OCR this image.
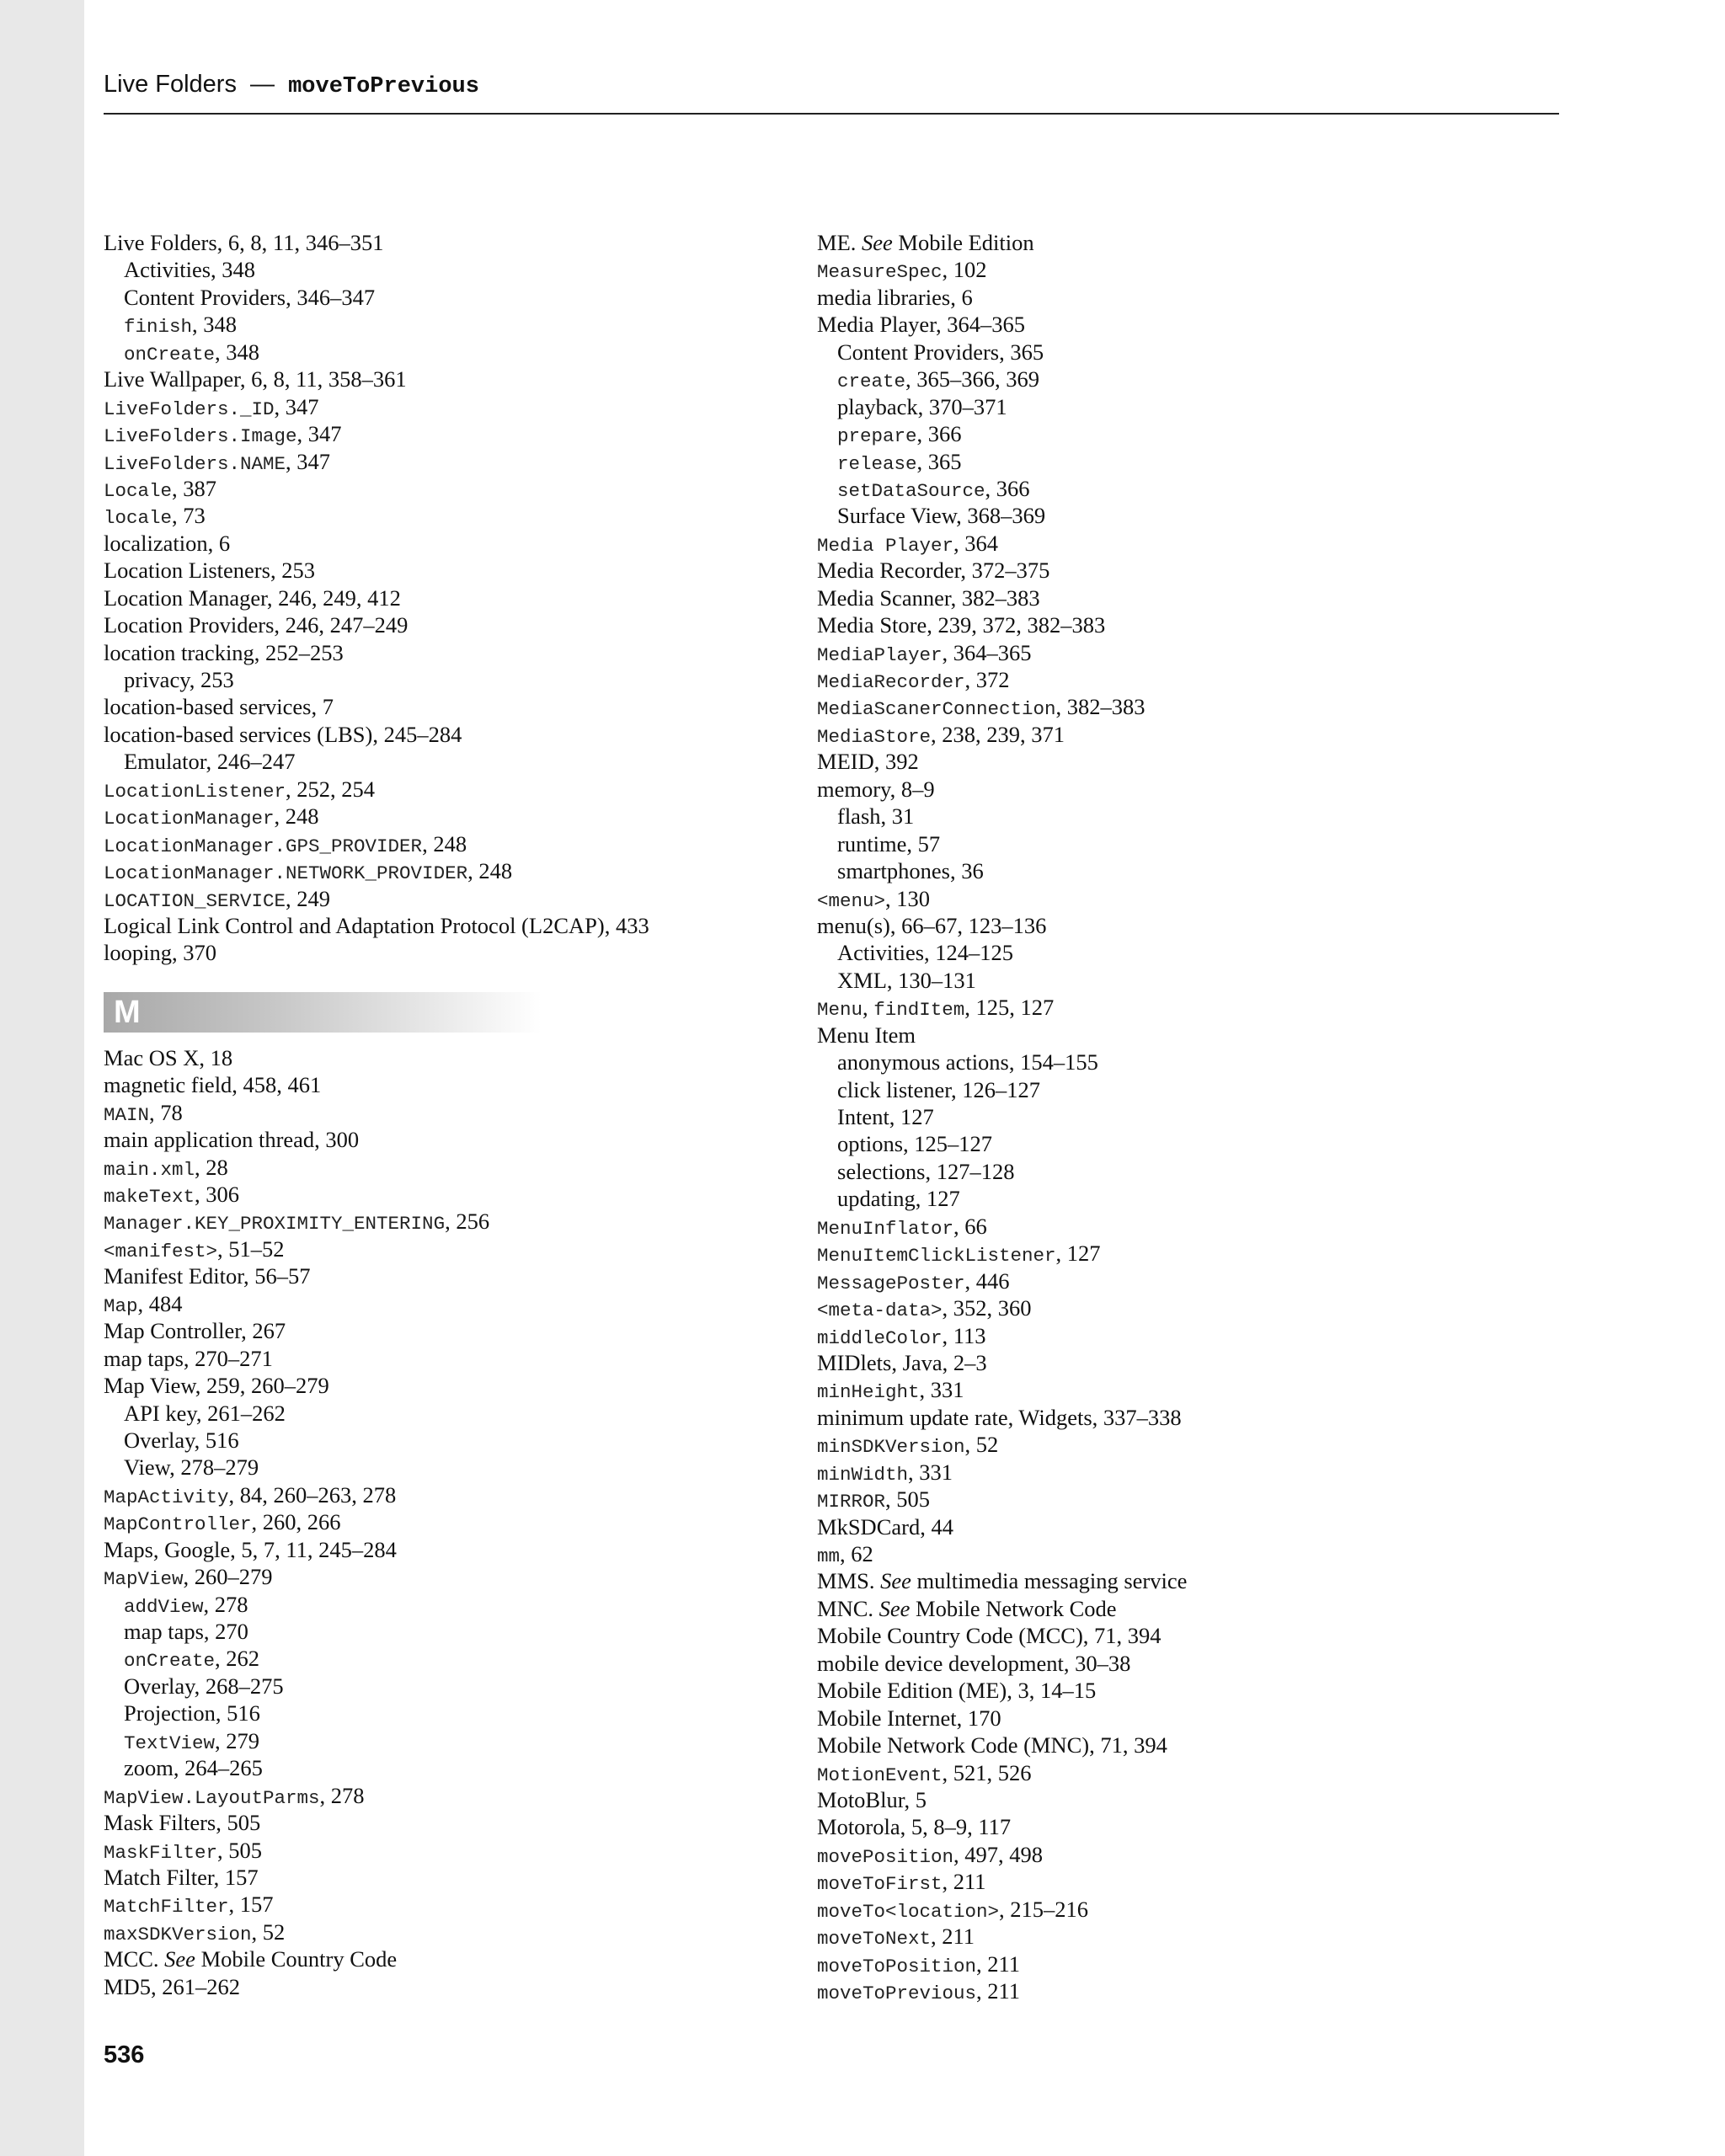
Live Folders — moveToPrevious
Live Folders, 6, 8, 11, 346–351
Activities, 348
Content Providers, 346–347
finish, 348
onCreate, 348
Live Wallpaper, 6, 8, 11, 358–361
LiveFolders._ID, 347
LiveFolders.Image, 347
LiveFolders.NAME, 347
Locale, 387
locale, 73
localization, 6
Location Listeners, 253
Location Manager, 246, 249, 412
Location Providers, 246, 247–249
location tracking, 252–253
privacy, 253
location-based services, 7
location-based services (LBS), 245–284
Emulator, 246–247
LocationListener, 252, 254
LocationManager, 248
LocationManager.GPS_PROVIDER, 248
LocationManager.NETWORK_PROVIDER, 248
LOCATION_SERVICE, 249
Logical Link Control and Adaptation Protocol (L2CAP), 433
looping, 370
M
Mac OS X, 18
magnetic field, 458, 461
MAIN, 78
main application thread, 300
main.xml, 28
makeText, 306
Manager.KEY_PROXIMITY_ENTERING, 256
<manifest>, 51–52
Manifest Editor, 56–57
Map, 484
Map Controller, 267
map taps, 270–271
Map View, 259, 260–279
API key, 261–262
Overlay, 516
View, 278–279
MapActivity, 84, 260–263, 278
MapController, 260, 266
Maps, Google, 5, 7, 11, 245–284
MapView, 260–279
addView, 278
map taps, 270
onCreate, 262
Overlay, 268–275
Projection, 516
TextView, 279
zoom, 264–265
MapView.LayoutParms, 278
Mask Filters, 505
MaskFilter, 505
Match Filter, 157
MatchFilter, 157
maxSDKVersion, 52
MCC. See Mobile Country Code
MD5, 261–262
ME. See Mobile Edition
MeasureSpec, 102
media libraries, 6
Media Player, 364–365
Content Providers, 365
create, 365–366, 369
playback, 370–371
prepare, 366
release, 365
setDataSource, 366
Surface View, 368–369
Media Player, 364
Media Recorder, 372–375
Media Scanner, 382–383
Media Store, 239, 372, 382–383
MediaPlayer, 364–365
MediaRecorder, 372
MediaScanerConnection, 382–383
MediaStore, 238, 239, 371
MEID, 392
memory, 8–9
flash, 31
runtime, 57
smartphones, 36
<menu>, 130
menu(s), 66–67, 123–136
Activities, 124–125
XML, 130–131
Menu, findItem, 125, 127
Menu Item
anonymous actions, 154–155
click listener, 126–127
Intent, 127
options, 125–127
selections, 127–128
updating, 127
MenuInflator, 66
MenuItemClickListener, 127
MessagePoster, 446
<meta-data>, 352, 360
middleColor, 113
MIDlets, Java, 2–3
minHeight, 331
minimum update rate, Widgets, 337–338
minSDKVersion, 52
minWidth, 331
MIRROR, 505
MkSDCard, 44
mm, 62
MMS. See multimedia messaging service
MNC. See Mobile Network Code
Mobile Country Code (MCC), 71, 394
mobile device development, 30–38
Mobile Edition (ME), 3, 14–15
Mobile Internet, 170
Mobile Network Code (MNC), 71, 394
MotionEvent, 521, 526
MotoBlur, 5
Motorola, 5, 8–9, 117
movePosition, 497, 498
moveToFirst, 211
moveTo<location>, 215–216
moveToNext, 211
moveToPosition, 211
moveToPrevious, 211
536
